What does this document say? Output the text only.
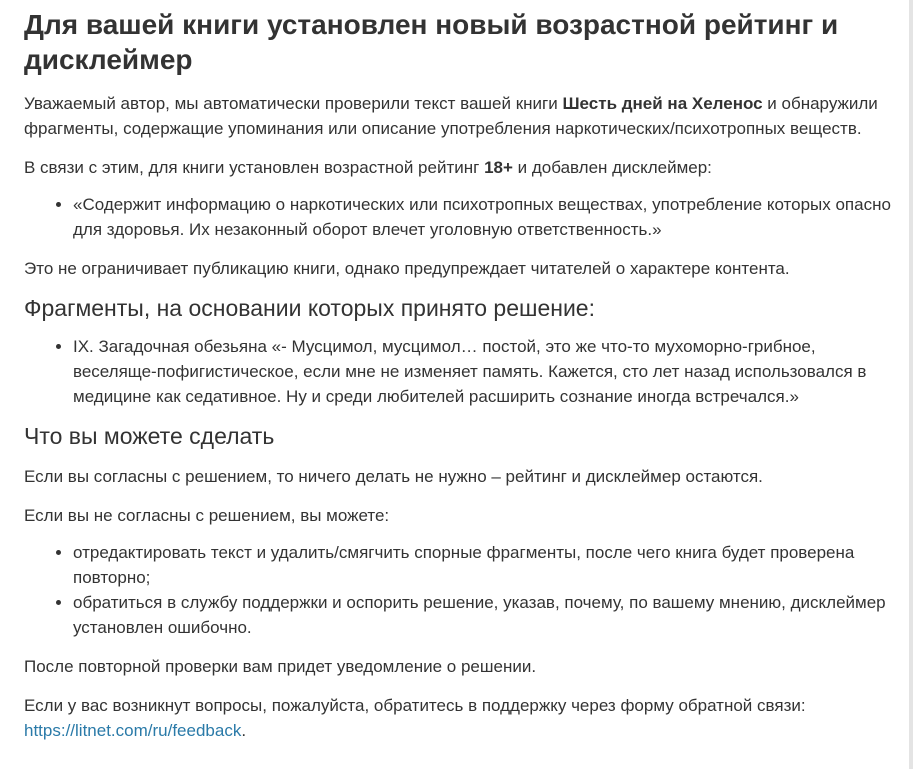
Для вашей книги установлен новый возрастной рейтинг и дисклеймер

Уважаемый автор, мы автоматически проверили текст вашей книги Шесть дней на Хеленос и обнаружили фрагменты, содержащие упоминания или описание употребления наркотических/психотропных веществ.

В связи с этим, для книги установлен возрастной рейтинг 18+ и добавлен дисклеймер:

• «Содержит информацию о наркотических или психотропных веществах, употребление которых опасно для здоровья. Их незаконный оборот влечет уголовную ответственность.»

Это не ограничивает публикацию книги, однако предупреждает читателей о характере контента.

Фрагменты, на основании которых принято решение:
• IX. Загадочная обезьяна «- Мусцимол, мусцимол… постой, это же что-то мухоморно-грибное, веселяще-пофигистическое, если мне не изменяет память. Кажется, сто лет назад использовался в медицине как седативное. Ну и среди любителей расширить сознание иногда встречался.»
Что вы можете сделать

Если вы согласны с решением, то ничего делать не нужно – рейтинг и дисклеймер остаются.

Если вы не согласны с решением, вы можете:

• отредактировать текст и удалить/смягчить спорные фрагменты, после чего книга будет проверена повторно;
• обратиться в службу поддержки и оспорить решение, указав, почему, по вашему мнению, дисклеймер установлен ошибочно.

После повторной проверки вам придет уведомление о решении.

Если у вас возникнут вопросы, пожалуйста, обратитесь в поддержку через форму обратной связи: https://litnet.com/ru/feedback.
